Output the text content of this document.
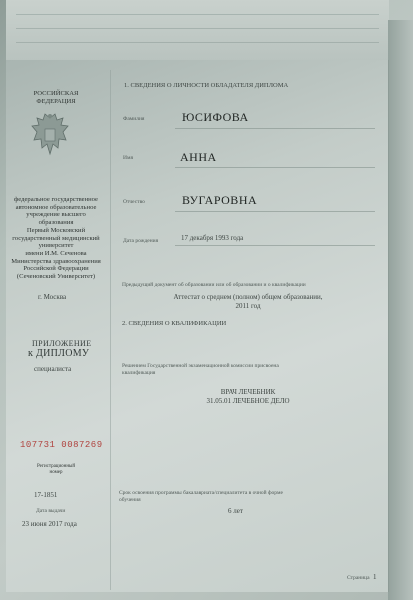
РОССИЙСКАЯ
ФЕДЕРАЦИЯ
федеральное государственное
автономное образовательное
учреждение высшего
образования
Первый Московский
государственный медицинский
университет
имени И.М. Сеченова
Министерства здравоохранения
Российской Федерации
(Сеченовский Университет)
г. Москва
ПРИЛОЖЕНИЕ
к ДИПЛОМУ
специалиста
107731 0087269
Регистрационный
номер
17-1851
Дата выдачи
23 июня 2017 года
1. СВЕДЕНИЯ О ЛИЧНОСТИ ОБЛАДАТЕЛЯ ДИПЛОМА
Фамилия	ЮСИФОВА
Имя	АННА
Отчество	ВУГАРОВНА
Дата рождения	17 декабря 1993 года
Предыдущий документ об образовании или об образовании и о квалификации
Аттестат о среднем (полном) общем образовании,
2011 год
2. СВЕДЕНИЯ О КВАЛИФИКАЦИИ
Решением Государственной экзаменационной комиссии присвоена
квалификация
ВРАЧ ЛЕЧЕБНИК
31.05.01 ЛЕЧЕБНОЕ ДЕЛО
Срок освоения программы бакалавриата/специалитета в очной форме
обучения
6 лет
Страница 1
